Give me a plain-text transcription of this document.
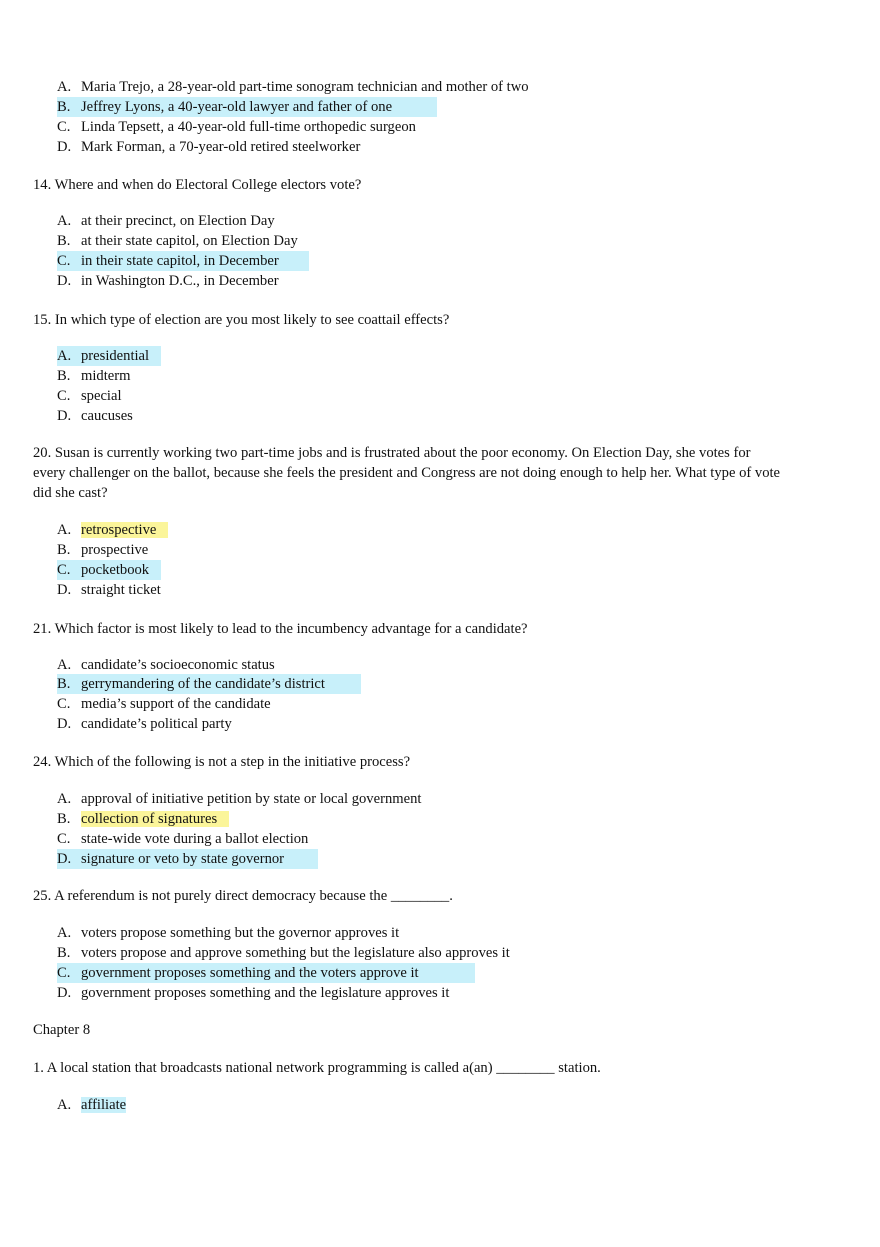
A. Maria Trejo, a 28-year-old part-time sonogram technician and mother of two
B. Jeffrey Lyons, a 40-year-old lawyer and father of one
C. Linda Tepsett, a 40-year-old full-time orthopedic surgeon
D. Mark Forman, a 70-year-old retired steelworker

14. Where and when do Electoral College electors vote?

A. at their precinct, on Election Day
B. at their state capitol, on Election Day
C. in their state capitol, in December
D. in Washington D.C., in December

15. In which type of election are you most likely to see coattail effects?

A. presidential
B. midterm
C. special
D. caucuses

20. Susan is currently working two part-time jobs and is frustrated about the poor economy. On Election Day, she votes for every challenger on the ballot, because she feels the president and Congress are not doing enough to help her. What type of vote did she cast?

A. retrospective
B. prospective
C. pocketbook
D. straight ticket

21. Which factor is most likely to lead to the incumbency advantage for a candidate?

A. candidate’s socioeconomic status
B. gerrymandering of the candidate’s district
C. media’s support of the candidate
D. candidate’s political party

24. Which of the following is not a step in the initiative process?

A. approval of initiative petition by state or local government
B. collection of signatures
C. state-wide vote during a ballot election
D. signature or veto by state governor

25. A referendum is not purely direct democracy because the ________.

A. voters propose something but the governor approves it
B. voters propose and approve something but the legislature also approves it
C. government proposes something and the voters approve it
D. government proposes something and the legislature approves it

Chapter 8

1. A local station that broadcasts national network programming is called a(an) ________ station.

A. affiliate
